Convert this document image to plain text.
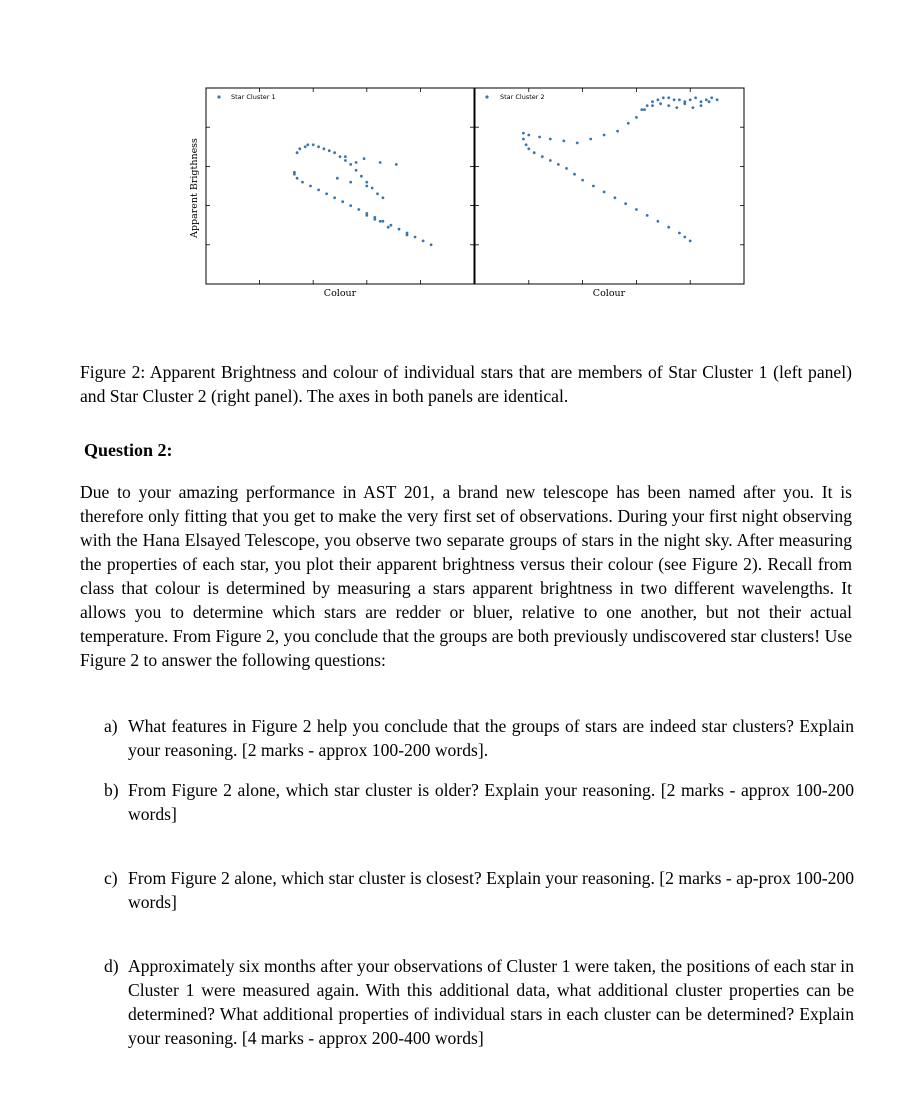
Star Cluster 1
Colour
Star Cluster 2
Colour
Apparent Brigthness

Figure 2: Apparent Brightness and colour of individual stars that are members of Star Cluster 1 (left panel) and Star Cluster 2 (right panel). The axes in both panels are identical.

Question 2:

Due to your amazing performance in AST 201, a brand new telescope has been named after you. It is therefore only fitting that you get to make the very first set of observations. During your first night observing with the Hana Elsayed Telescope, you observe two separate groups of stars in the night sky. After measuring the properties of each star, you plot their apparent brightness versus their colour (see Figure 2). Recall from class that colour is determined by measuring a stars apparent brightness in two different wavelengths. It allows you to determine which stars are redder or bluer, relative to one another, but not their actual temperature. From Figure 2, you conclude that the groups are both previously undiscovered star clusters! Use Figure 2 to answer the following questions:

a) What features in Figure 2 help you conclude that the groups of stars are indeed star clusters? Explain your reasoning. [2 marks - approx 100-200 words].
b) From Figure 2 alone, which star cluster is older? Explain your reasoning. [2 marks - approx 100-200 words]
c) From Figure 2 alone, which star cluster is closest? Explain your reasoning. [2 marks - ap-prox 100-200 words]
d) Approximately six months after your observations of Cluster 1 were taken, the positions of each star in Cluster 1 were measured again. With this additional data, what additional cluster properties can be determined? What additional properties of individual stars in each cluster can be determined? Explain your reasoning. [4 marks - approx 200-400 words]
